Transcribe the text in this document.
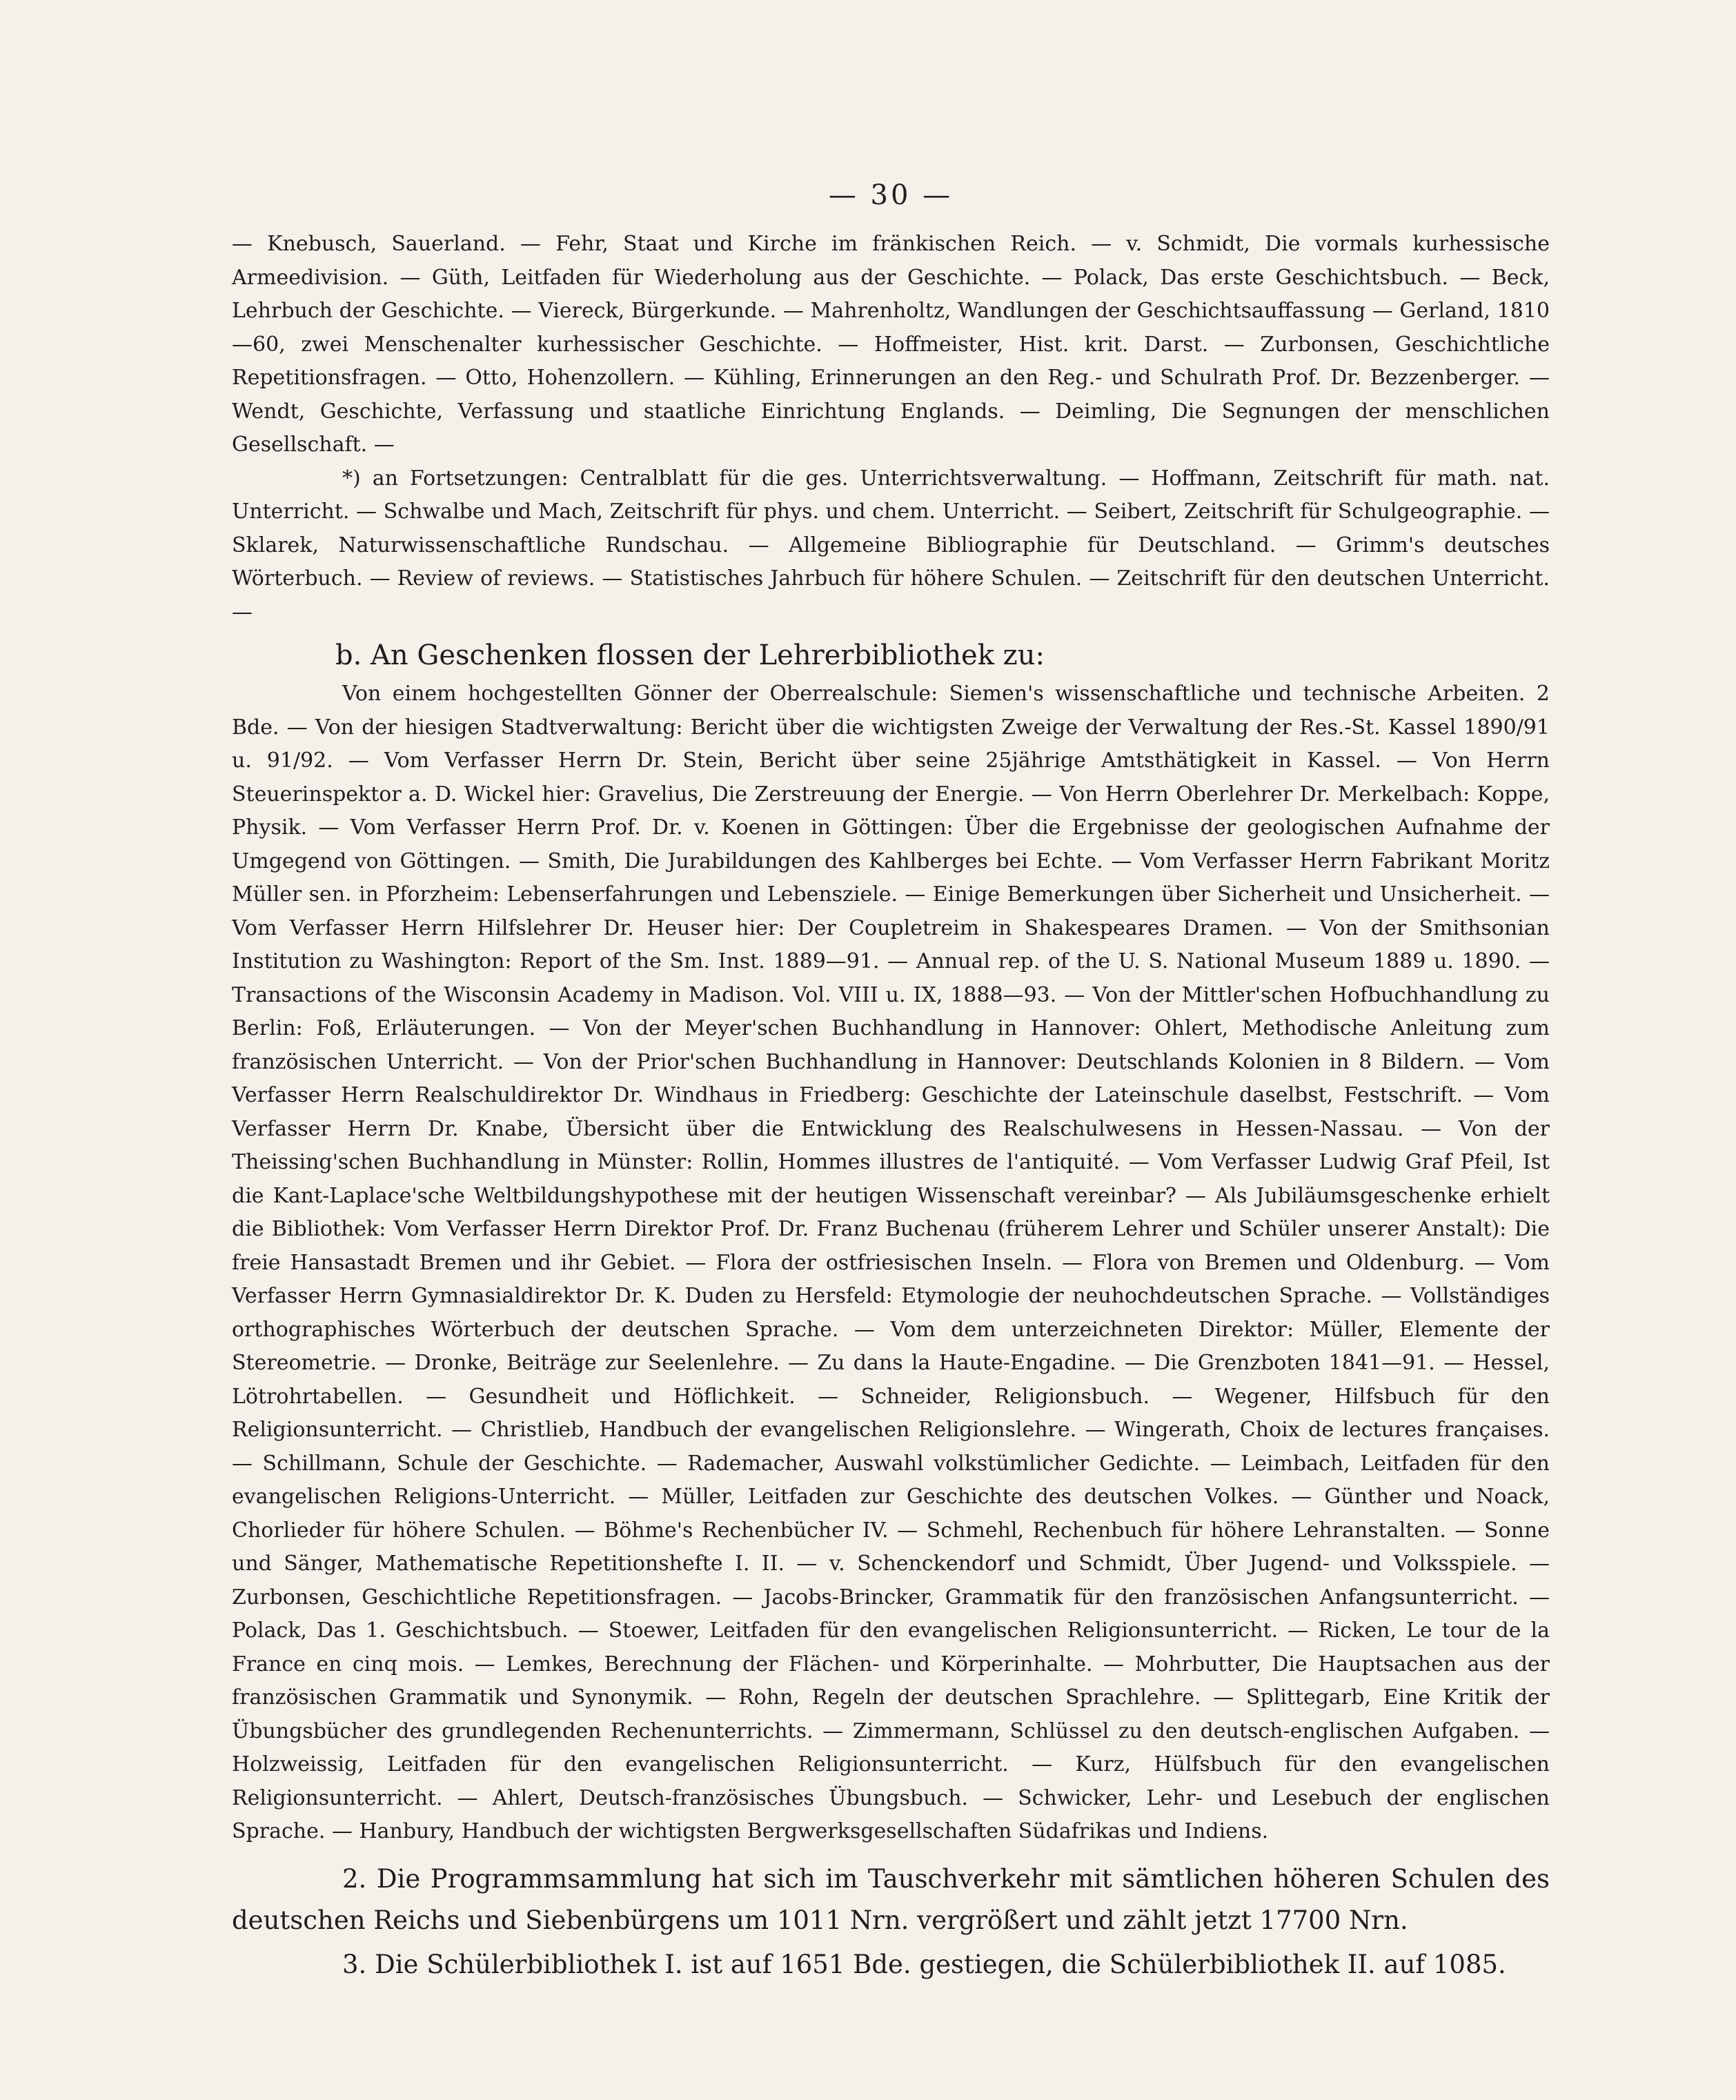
— 30 —

— Knebusch, Sauerland. — Fehr, Staat und Kirche im fränkischen Reich. — v. Schmidt, Die vormals kurhessische Armeedivision. — Güth, Leitfaden für Wiederholung aus der Geschichte. — Polack, Das erste Geschichtsbuch. — Beck, Lehrbuch der Geschichte. — Viereck, Bürgerkunde. — Mahrenholtz, Wandlungen der Geschichtsauffassung — Gerland, 1810—60, zwei Menschenalter kurhessischer Geschichte. — Hoffmeister, Hist. krit. Darst. — Zurbonsen, Geschichtliche Repetitionsfragen. — Otto, Hohenzollern. — Kühling, Erinnerungen an den Reg.- und Schulrath Prof. Dr. Bezzenberger. — Wendt, Geschichte, Verfassung und staatliche Einrichtung Englands. — Deimling, Die Segnungen der menschlichen Gesellschaft. —

*) an Fortsetzungen: Centralblatt für die ges. Unterrichtsverwaltung. — Hoffmann, Zeitschrift für math. nat. Unterricht. — Schwalbe und Mach, Zeitschrift für phys. und chem. Unterricht. — Seibert, Zeitschrift für Schulgeographie. — Sklarek, Naturwissenschaftliche Rundschau. — Allgemeine Bibliographie für Deutschland. — Grimm's deutsches Wörterbuch. — Review of reviews. — Statistisches Jahrbuch für höhere Schulen. — Zeitschrift für den deutschen Unterricht. —

b. An Geschenken flossen der Lehrerbibliothek zu:

Von einem hochgestellten Gönner der Oberrealschule: Siemen's wissenschaftliche und technische Arbeiten. 2 Bde. — Von der hiesigen Stadtverwaltung: Bericht über die wichtigsten Zweige der Verwaltung der Res.-St. Kassel 1890/91 u. 91/92. — Vom Verfasser Herrn Dr. Stein, Bericht über seine 25jährige Amtsthätigkeit in Kassel. — Von Herrn Steuerinspektor a. D. Wickel hier: Gravelius, Die Zerstreuung der Energie. — Von Herrn Oberlehrer Dr. Merkelbach: Koppe, Physik. — Vom Verfasser Herrn Prof. Dr. v. Koenen in Göttingen: Über die Ergebnisse der geologischen Aufnahme der Umgegend von Göttingen. — Smith, Die Jurabildungen des Kahlberges bei Echte. — Vom Verfasser Herrn Fabrikant Moritz Müller sen. in Pforzheim: Lebenserfahrungen und Lebensziele. — Einige Bemerkungen über Sicherheit und Unsicherheit. — Vom Verfasser Herrn Hilfslehrer Dr. Heuser hier: Der Coupletreim in Shakespeares Dramen. — Von der Smithsonian Institution zu Washington: Report of the Sm. Inst. 1889—91. — Annual rep. of the U. S. National Museum 1889 u. 1890. — Transactions of the Wisconsin Academy in Madison. Vol. VIII u. IX, 1888—93. — Von der Mittler'schen Hofbuchhandlung zu Berlin: Foß, Erläuterungen. — Von der Meyer'schen Buchhandlung in Hannover: Ohlert, Methodische Anleitung zum französischen Unterricht. — Von der Prior'schen Buchhandlung in Hannover: Deutschlands Kolonien in 8 Bildern. — Vom Verfasser Herrn Realschuldirektor Dr. Windhaus in Friedberg: Geschichte der Lateinschule daselbst, Festschrift. — Vom Verfasser Herrn Dr. Knabe, Übersicht über die Entwicklung des Realschulwesens in Hessen-Nassau. — Von der Theissing'schen Buchhandlung in Münster: Rollin, Hommes illustres de l'antiquité. — Vom Verfasser Ludwig Graf Pfeil, Ist die Kant-Laplace'sche Weltbildungshypothese mit der heutigen Wissenschaft vereinbar? — Als Jubiläumsgeschenke erhielt die Bibliothek: Vom Verfasser Herrn Direktor Prof. Dr. Franz Buchenau (früherem Lehrer und Schüler unserer Anstalt): Die freie Hansastadt Bremen und ihr Gebiet. — Flora der ostfriesischen Inseln. — Flora von Bremen und Oldenburg. — Vom Verfasser Herrn Gymnasialdirektor Dr. K. Duden zu Hersfeld: Etymologie der neuhochdeutschen Sprache. — Vollständiges orthographisches Wörterbuch der deutschen Sprache. — Vom dem unterzeichneten Direktor: Müller, Elemente der Stereometrie. — Dronke, Beiträge zur Seelenlehre. — Zu dans la Haute-Engadine. — Die Grenzboten 1841—91. — Hessel, Lötrohrtabellen. — Gesundheit und Höflichkeit. — Schneider, Religionsbuch. — Wegener, Hilfsbuch für den Religionsunterricht. — Christlieb, Handbuch der evangelischen Religionslehre. — Wingerath, Choix de lectures françaises. — Schillmann, Schule der Geschichte. — Rademacher, Auswahl volkstümlicher Gedichte. — Leimbach, Leitfaden für den evangelischen Religions-Unterricht. — Müller, Leitfaden zur Geschichte des deutschen Volkes. — Günther und Noack, Chorlieder für höhere Schulen. — Böhme's Rechenbücher IV. — Schmehl, Rechenbuch für höhere Lehranstalten. — Sonne und Sänger, Mathematische Repetitionshefte I. II. — v. Schenckendorf und Schmidt, Über Jugend- und Volksspiele. — Zurbonsen, Geschichtliche Repetitionsfragen. — Jacobs-Brincker, Grammatik für den französischen Anfangsunterricht. — Polack, Das 1. Geschichtsbuch. — Stoewer, Leitfaden für den evangelischen Religionsunterricht. — Ricken, Le tour de la France en cinq mois. — Lemkes, Berechnung der Flächen- und Körperinhalte. — Mohrbutter, Die Hauptsachen aus der französischen Grammatik und Synonymik. — Rohn, Regeln der deutschen Sprachlehre. — Splittegarb, Eine Kritik der Übungsbücher des grundlegenden Rechenunterrichts. — Zimmermann, Schlüssel zu den deutsch-englischen Aufgaben. — Holzweissig, Leitfaden für den evangelischen Religionsunterricht. — Kurz, Hülfsbuch für den evangelischen Religionsunterricht. — Ahlert, Deutsch-französisches Übungsbuch. — Schwicker, Lehr- und Lesebuch der englischen Sprache. — Hanbury, Handbuch der wichtigsten Bergwerksgesellschaften Südafrikas und Indiens.

2. Die Programmsammlung hat sich im Tauschverkehr mit sämtlichen höheren Schulen des deutschen Reichs und Siebenbürgens um 1011 Nrn. vergrößert und zählt jetzt 17700 Nrn.

3. Die Schülerbibliothek I. ist auf 1651 Bde. gestiegen, die Schülerbibliothek II. auf 1085.
